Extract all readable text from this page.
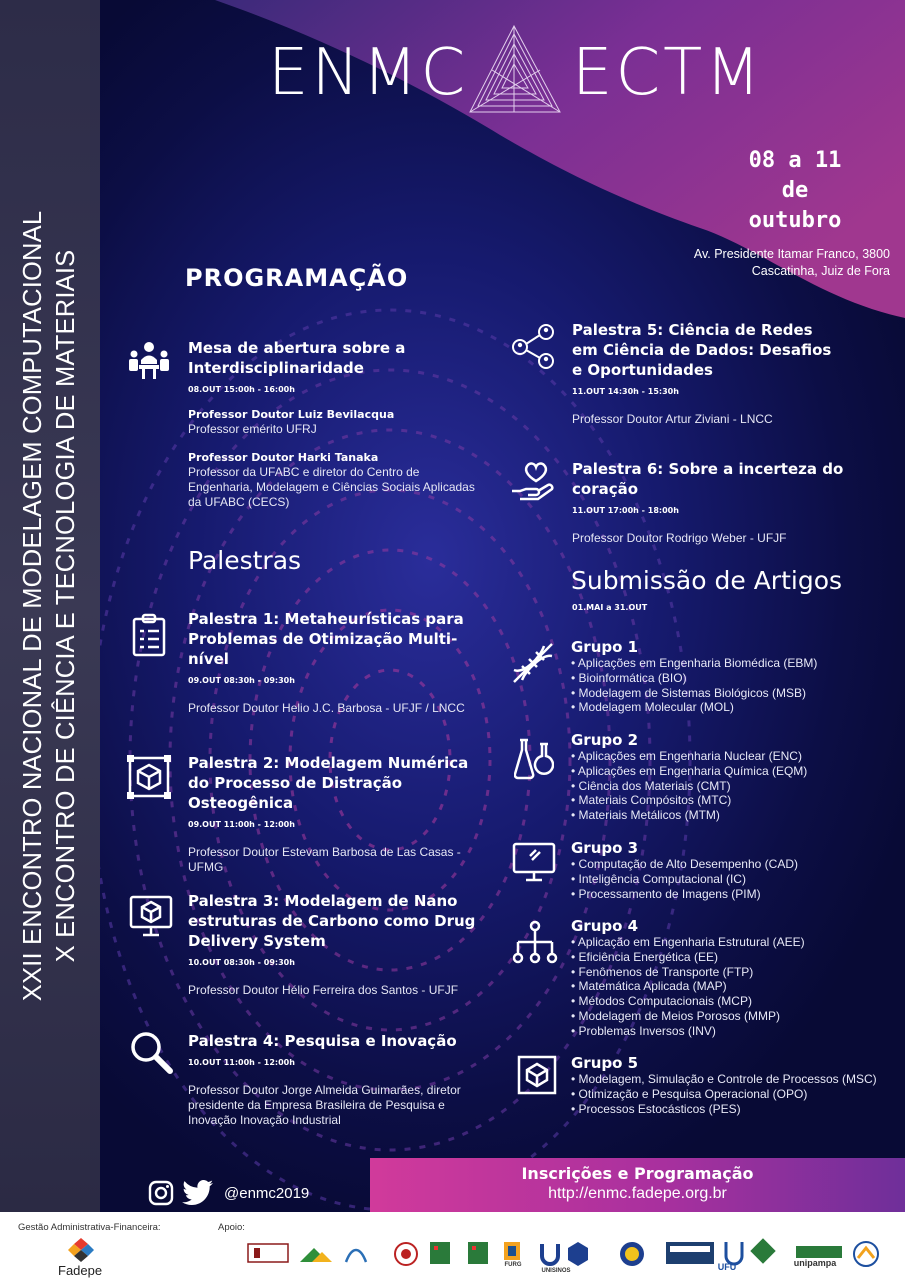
XXII ENCONTRO NACIONAL DE MODELAGEM COMPUTACIONAL X ENCONTRO DE CIÊNCIA E TECNOLOGIA DE MATERIAIS
ENMC ECTM
08 a 11
de
outubro
Av. Presidente Itamar Franco, 3800
Cascatinha, Juiz de Fora
PROGRAMAÇÃO
Palestras
Submissão de Artigos
01.MAI a 31.OUT
Mesa de abertura sobre a Interdisciplinaridade
08.OUT 15:00h - 16:00h
Professor Doutor Luiz Bevilacqua
Professor emérito UFRJ
Professor Doutor Harki Tanaka
Professor da UFABC e diretor do Centro de Engenharia, Modelagem e Ciências Sociais Aplicadas da UFABC (CECS)
Palestra 1: Metaheurísticas para Problemas de Otimização Multi-nível
09.OUT 08:30h - 09:30h
Professor Doutor Helio J.C. Barbosa - UFJF / LNCC
Palestra 2: Modelagem Numérica do Processo de Distração Osteogênica
09.OUT 11:00h - 12:00h
Professor Doutor Estevam Barbosa de Las Casas - UFMG
Palestra 3: Modelagem de Nano estruturas de Carbono como Drug Delivery System
10.OUT 08:30h - 09:30h
Professor Doutor Hélio Ferreira dos Santos - UFJF
Palestra 4: Pesquisa e Inovação
10.OUT 11:00h - 12:00h
Professor Doutor Jorge Almeida Guimarães, diretor presidente da Empresa Brasileira de Pesquisa e Inovação Inovação Industrial
Palestra 5: Ciência de Redes em Ciência de Dados: Desafios e Oportunidades
11.OUT 14:30h - 15:30h
Professor Doutor Artur Ziviani - LNCC
Palestra 6: Sobre a incerteza do coração
11.OUT 17:00h - 18:00h
Professor Doutor Rodrigo Weber - UFJF
Grupo 1
• Aplicações em Engenharia Biomédica (EBM)
• Bioinformática (BIO)
• Modelagem de Sistemas Biológicos (MSB)
• Modelagem Molecular (MOL)
Grupo 2
• Aplicações em Engenharia Nuclear (ENC)
• Aplicações em Engenharia Química (EQM)
• Ciência dos Materiais (CMT)
• Materiais Compósitos (MTC)
• Materiais Metálicos (MTM)
Grupo 3
• Computação de Alto Desempenho (CAD)
• Inteligência Computacional (IC)
• Processamento de Imagens (PIM)
Grupo 4
• Aplicação em Engenharia Estrutural (AEE)
• Eficiência Energética (EE)
• Fenômenos de Transporte (FTP)
• Matemática Aplicada (MAP)
• Métodos Computacionais (MCP)
• Modelagem de Meios Porosos (MMP)
• Problemas Inversos (INV)
Grupo 5
• Modelagem, Simulação e Controle de Processos (MSC)
• Otimização e Pesquisa Operacional (OPO)
• Processos Estocásticos (PES)
@enmc2019
Inscrições e Programação
http://enmc.fadepe.org.br
Gestão Administrativa-Financeira:	Apoio:
Fadepe	FURG
UNISINOS	UFU	unipampa
